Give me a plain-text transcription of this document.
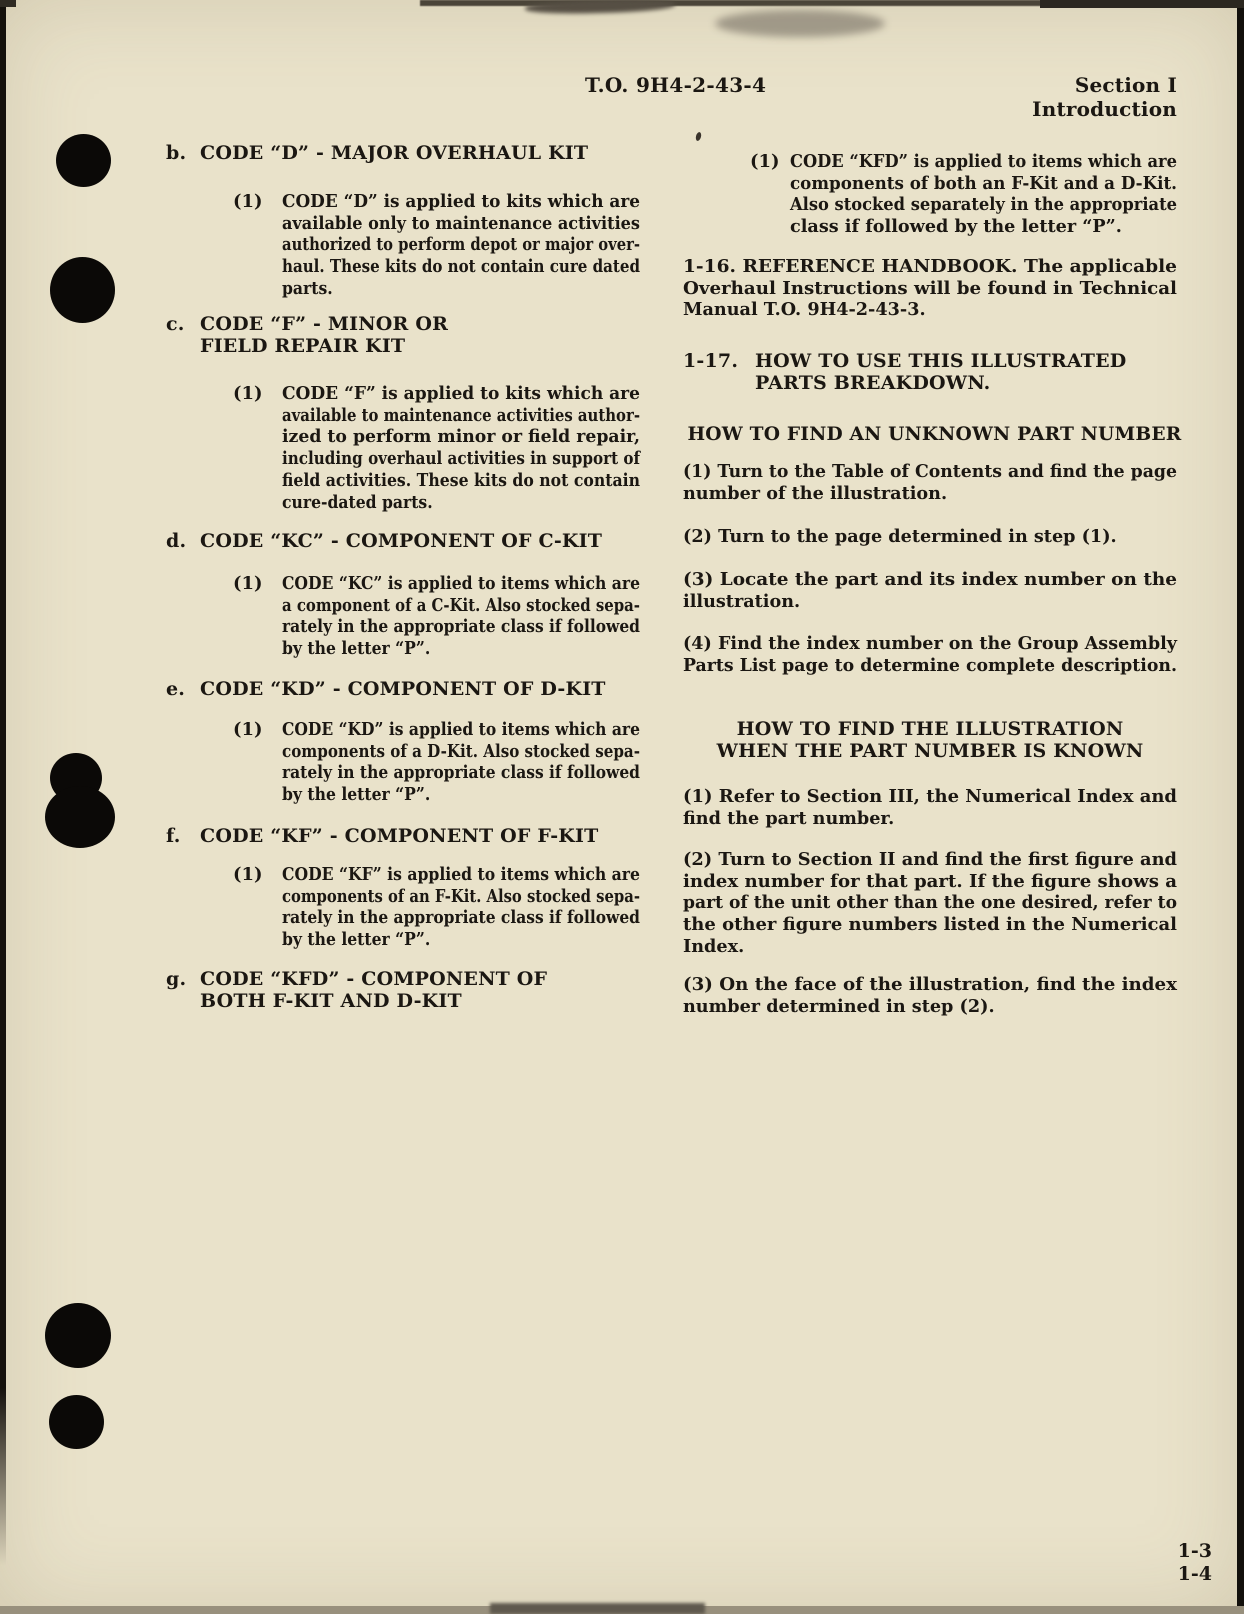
T.O. 9H4-2-43-4	Section I
Introduction
b. CODE “D” - MAJOR OVERHAUL KIT
(1)	CODE “D” is applied to kits which are
available only to maintenance activities
authorized to perform depot or major over-
haul. These kits do not contain cure dated
parts.
c. CODE “F” - MINOR OR
FIELD REPAIR KIT
(1)	CODE “F” is applied to kits which are
available to maintenance activities author-
ized to perform minor or field repair,
including overhaul activities in support of
field activities. These kits do not contain
cure-dated parts.
d. CODE “KC” - COMPONENT OF C-KIT
(1)	CODE “KC” is applied to items which are
a component of a C-Kit. Also stocked sepa-
rately in the appropriate class if followed
by the letter “P”.
e. CODE “KD” - COMPONENT OF D-KIT
(1)	CODE “KD” is applied to items which are
components of a D-Kit. Also stocked sepa-
rately in the appropriate class if followed
by the letter “P”.
f.	CODE “KF” - COMPONENT OF F-KIT
(1)	CODE “KF” is applied to items which are
components of an F-Kit. Also stocked sepa-
rately in the appropriate class if followed
by the letter “P”.
g. CODE “KFD” - COMPONENT OF
BOTH F-KIT AND D-KIT
(1) CODE “KFD” is applied to items which are
components of both an F-Kit and a D-Kit.
Also stocked separately in the appropriate
class if followed by the letter “P”.
1-16. REFERENCE HANDBOOK. The applicable
Overhaul Instructions will be found in Technical
Manual T.O. 9H4-2-43-3.
1-17. HOW TO USE THIS ILLUSTRATED
PARTS BREAKDOWN.
HOW TO FIND AN UNKNOWN PART NUMBER
(1) Turn to the Table of Contents and find the page
number of the illustration.
(2) Turn to the page determined in step (1).
(3) Locate the part and its index number on the
illustration.
(4) Find the index number on the Group Assembly
Parts List page to determine complete description.
HOW TO FIND THE ILLUSTRATION
WHEN THE PART NUMBER IS KNOWN
(1) Refer to Section III, the Numerical Index and
find the part number.
(2) Turn to Section II and find the first figure and
index number for that part. If the figure shows a
part of the unit other than the one desired, refer to
the other figure numbers listed in the Numerical
Index.
(3) On the face of the illustration, find the index
number determined in step (2).
1-3
1-4
